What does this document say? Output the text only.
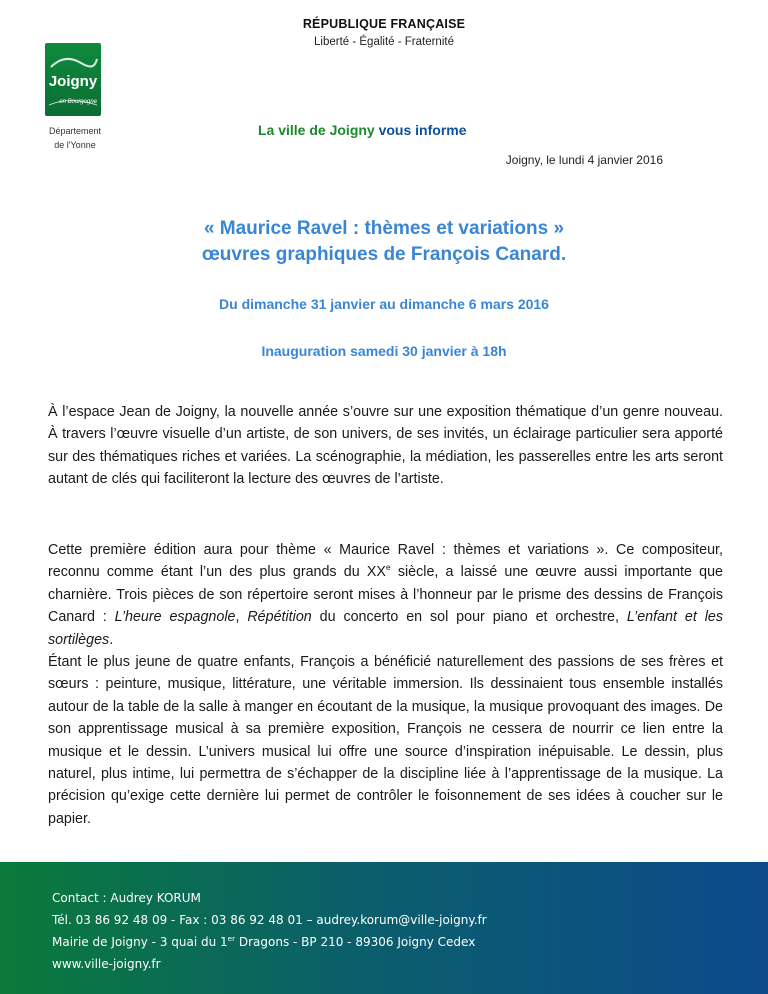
RÉPUBLIQUE FRANÇAISE
Liberté - Égalité - Fraternité
Joigny
en Bourgogne
Département
de l'Yonne
La ville de Joigny vous informe
Joigny, le lundi 4 janvier 2016
« Maurice Ravel : thèmes et variations »
œuvres graphiques de François Canard.
Du dimanche 31 janvier au dimanche 6 mars 2016
Inauguration samedi 30 janvier à 18h

À l’espace Jean de Joigny, la nouvelle année s’ouvre sur une exposition thématique d’un genre nouveau. À travers l’œuvre visuelle d’un artiste, de son univers, de ses invités, un éclairage particulier sera apporté sur des thématiques riches et variées. La scénographie, la médiation, les passerelles entre les arts seront autant de clés qui faciliteront la lecture des œuvres de l’artiste.

Cette première édition aura pour thème « Maurice Ravel : thèmes et variations ». Ce compositeur, reconnu comme étant l’un des plus grands du XXe siècle, a laissé une œuvre aussi importante que charnière. Trois pièces de son répertoire seront mises à l’honneur par le prisme des dessins de François Canard : L’heure espagnole, Répétition du concerto en sol pour piano et orchestre, L’enfant et les sortilèges.

Étant le plus jeune de quatre enfants, François a bénéficié naturellement des passions de ses frères et sœurs : peinture, musique, littérature, une véritable immersion. Ils dessinaient tous ensemble installés autour de la table de la salle à manger en écoutant de la musique, la musique provoquant des images. De son apprentissage musical à sa première exposition, François ne cessera de nourrir ce lien entre la musique et le dessin. L’univers musical lui offre une source d’inspiration inépuisable. Le dessin, plus naturel, plus intime, lui permettra de s’échapper de la discipline liée à l’apprentissage de la musique. La précision qu’exige cette dernière lui permet de contrôler le foisonnement de ses idées à coucher sur le papier.

Contact : Audrey KORUM
Tél. 03 86 92 48 09 - Fax : 03 86 92 48 01 – audrey.korum@ville-joigny.fr
Mairie de Joigny - 3 quai du 1er Dragons - BP 210 - 89306 Joigny Cedex
www.ville-joigny.fr
